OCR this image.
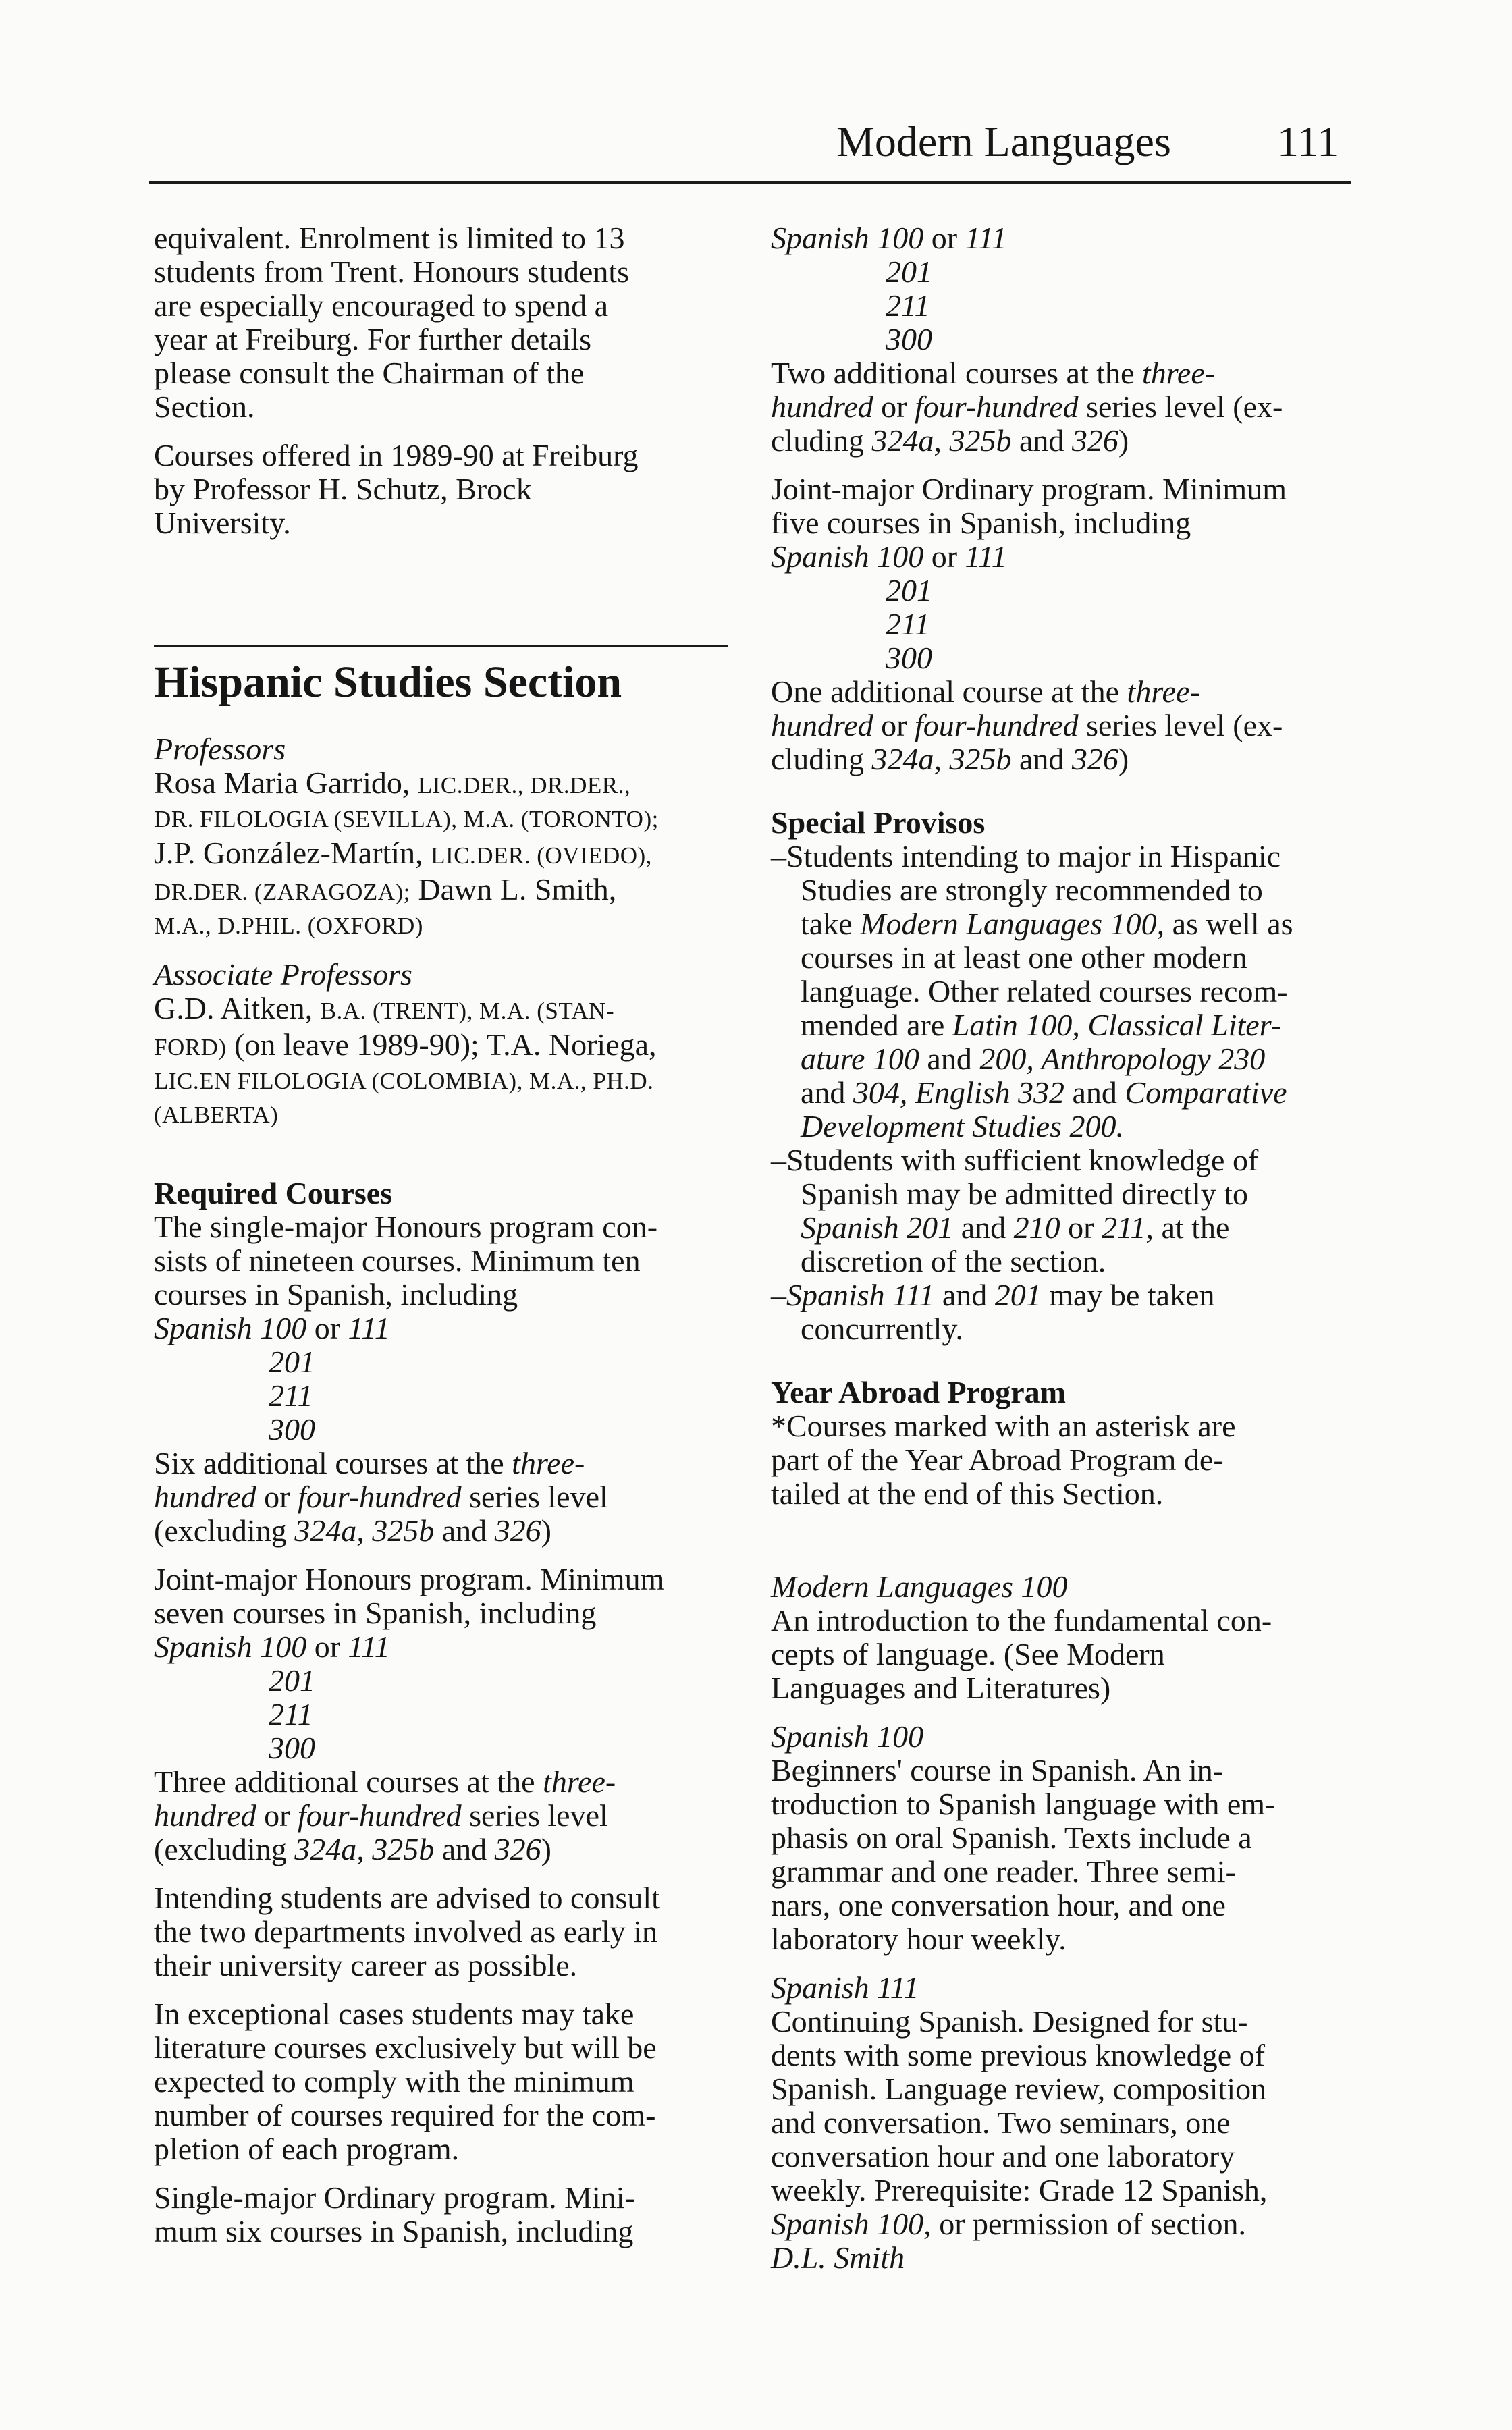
Modern Languages 111
equivalent. Enrolment is limited to 13
students from Trent. Honours students
are especially encouraged to spend a
year at Freiburg. For further details
please consult the Chairman of the
Section.
Courses offered in 1989-90 at Freiburg
by Professor H. Schutz, Brock
University.
Hispanic Studies Section
Professors
Rosa Maria Garrido, LIC.DER., DR.DER.,
DR. FILOLOGIA (SEVILLA), M.A. (TORONTO);
J.P. González-Martín, LIC.DER. (OVIEDO),
DR.DER. (ZARAGOZA); Dawn L. Smith,
M.A., D.PHIL. (OXFORD)
Associate Professors
G.D. Aitken, B.A. (TRENT), M.A. (STAN-
FORD) (on leave 1989-90); T.A. Noriega,
LIC.EN FILOLOGIA (COLOMBIA), M.A., PH.D.
(ALBERTA)
Required Courses
The single-major Honours program con-
sists of nineteen courses. Minimum ten
courses in Spanish, including
Spanish 100 or 111
201
211
300
Six additional courses at the three-
hundred or four-hundred series level
(excluding 324a, 325b and 326)
Joint-major Honours program. Minimum
seven courses in Spanish, including
Spanish 100 or 111
201
211
300
Three additional courses at the three-
hundred or four-hundred series level
(excluding 324a, 325b and 326)
Intending students are advised to consult
the two departments involved as early in
their university career as possible.
In exceptional cases students may take
literature courses exclusively but will be
expected to comply with the minimum
number of courses required for the com-
pletion of each program.
Single-major Ordinary program. Mini-
mum six courses in Spanish, including
Spanish 100 or 111
201
211
300
Two additional courses at the three-
hundred or four-hundred series level (ex-
cluding 324a, 325b and 326)
Joint-major Ordinary program. Minimum
five courses in Spanish, including
Spanish 100 or 111
201
211
300
One additional course at the three-
hundred or four-hundred series level (ex-
cluding 324a, 325b and 326)
Special Provisos
–Students intending to major in Hispanic
Studies are strongly recommended to
take Modern Languages 100, as well as
courses in at least one other modern
language. Other related courses recom-
mended are Latin 100, Classical Liter-
ature 100 and 200, Anthropology 230
and 304, English 332 and Comparative
Development Studies 200.
–Students with sufficient knowledge of
Spanish may be admitted directly to
Spanish 201 and 210 or 211, at the
discretion of the section.
–Spanish 111 and 201 may be taken
concurrently.
Year Abroad Program
*Courses marked with an asterisk are
part of the Year Abroad Program de-
tailed at the end of this Section.
Modern Languages 100
An introduction to the fundamental con-
cepts of language. (See Modern
Languages and Literatures)
Spanish 100
Beginners' course in Spanish. An in-
troduction to Spanish language with em-
phasis on oral Spanish. Texts include a
grammar and one reader. Three semi-
nars, one conversation hour, and one
laboratory hour weekly.
Spanish 111
Continuing Spanish. Designed for stu-
dents with some previous knowledge of
Spanish. Language review, composition
and conversation. Two seminars, one
conversation hour and one laboratory
weekly. Prerequisite: Grade 12 Spanish,
Spanish 100, or permission of section.
D.L. Smith
